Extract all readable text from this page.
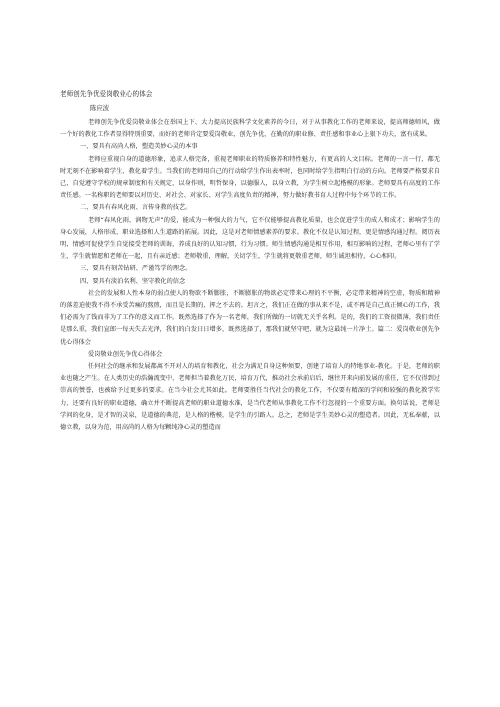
老师创先争优爱岗敬业心的体会
陈应波

老师创先争优爱岗敬业体会在举国上下、大力提高民族科学文化素养的今日，对于从事教化工作的老师来说，提高师德师风，做一个好的教化工作者显得特别重要，而好的老师肯定要爱岗敬业，创先争优，在勤的的职业修、责任感和事业心上狠下功夫，富有成果。

一、要具有高尚人格，塑造美妙心灵的本事

老师应重视自身的道德形象，追求人格完备，重视老师职业的特质修养和特性魅力，有更高的人文目标。老师的一言一行，都无时无刻不在影响着学生，教化着学生。当我们的老师用自己的行动给学生作出表率时，也同时给学生指明白行动的方向。老师要严格要求自己，自觉遵守学校的规章制度和有关规定，以身作则，明哲保身，以德服人，以身立教，为学生树立起楷模的形象。老师要具有高度的工作责任感。一名称职的老师要以对历史、对社会、对家长、对学生高度负责的精神，努力做好教书育人过程中每个环节的工作。

二、要具有春风化雨、言传身教的技艺。

老师“春风化雨，润物无声”的爱，能成为一种强大的力气，它不仅能够提高教化质量，也会促进学生的成人和成才；影响学生的身心发展，人格形成、职业选择和人生道路的拓展。因此，这是对老师情感素养的要求。教化不仅是认知过程，更是情感沟通过程。阅历表明，情感可促使学生自觉接受老师的训诲，养成良好的认知习惯，行为习惯。师生情感沟通是相互作用，相互影响的过程，老师心里有了学生，学生就情愿和老师在一起，且有亲近感；老师敬重，理解，关切学生，学生就将更敬重老师，师生诚坦相待，心心相印。

三、要具有刻苦钻研、严谨笃学的理念。

四、要具有淡泊名利、坚守教化的信念

社会的发展和人性本身的弱点使人的物欲不断膨胀，不断膨胀的物欲必定带来心理的不平衡，必定带来精神的空虚，物质和精神的落差迫使我不得不承受苦痛的熬煎，而且是长期的，挥之不去的。坦言之，我们正在做的事从来不是，或不再是自己真正倾心的工作，我们必需为了钱而非为了工作的意义而工作。既然选择了作为一名老师，我们所做的一切就无关乎名利。是的，我们的工资很微薄，我们责任是那么重，我们宣郎一每天失去光泽，我们的白发日日增多，既然选择了，那我们就坚守吧，就为这最纯一片净土。篇二：爱岗敬业创先争优心得体会

爱岗敬业创先争优心得体会

任何社会的继承和发展都离不开对人的培育和教化，社会为满足自身这种须要，创建了培育人的特地事业-教化。于是，老师的职业也随之产生。在人类历史的浩瀚流变中，老师担当着教化万民，培育万代，推动社会承前启后，继往开来向前发展的重任，它不仅得到过崇高的赞誉，也被给予过更多的要求。在当今社会尤其如此。老师要胜任当代社会的教化工作，不仅要有精深的学问和较强的教化教学实力，还要有良好的职业道德，确立并不断提高老师的职业道德水准，是当代老师从事教化工作不行忽视的一个重要方面。换句话说，老师是学问的化身，是才智的灵泉，是道德的典范，是人格的楷模，是学生的引路人。总之，老师是学生美妙心灵的塑造者。因此，无私奉献，以德立教，以身为范，用高尚的人格为每颗纯净心灵的塑造而
